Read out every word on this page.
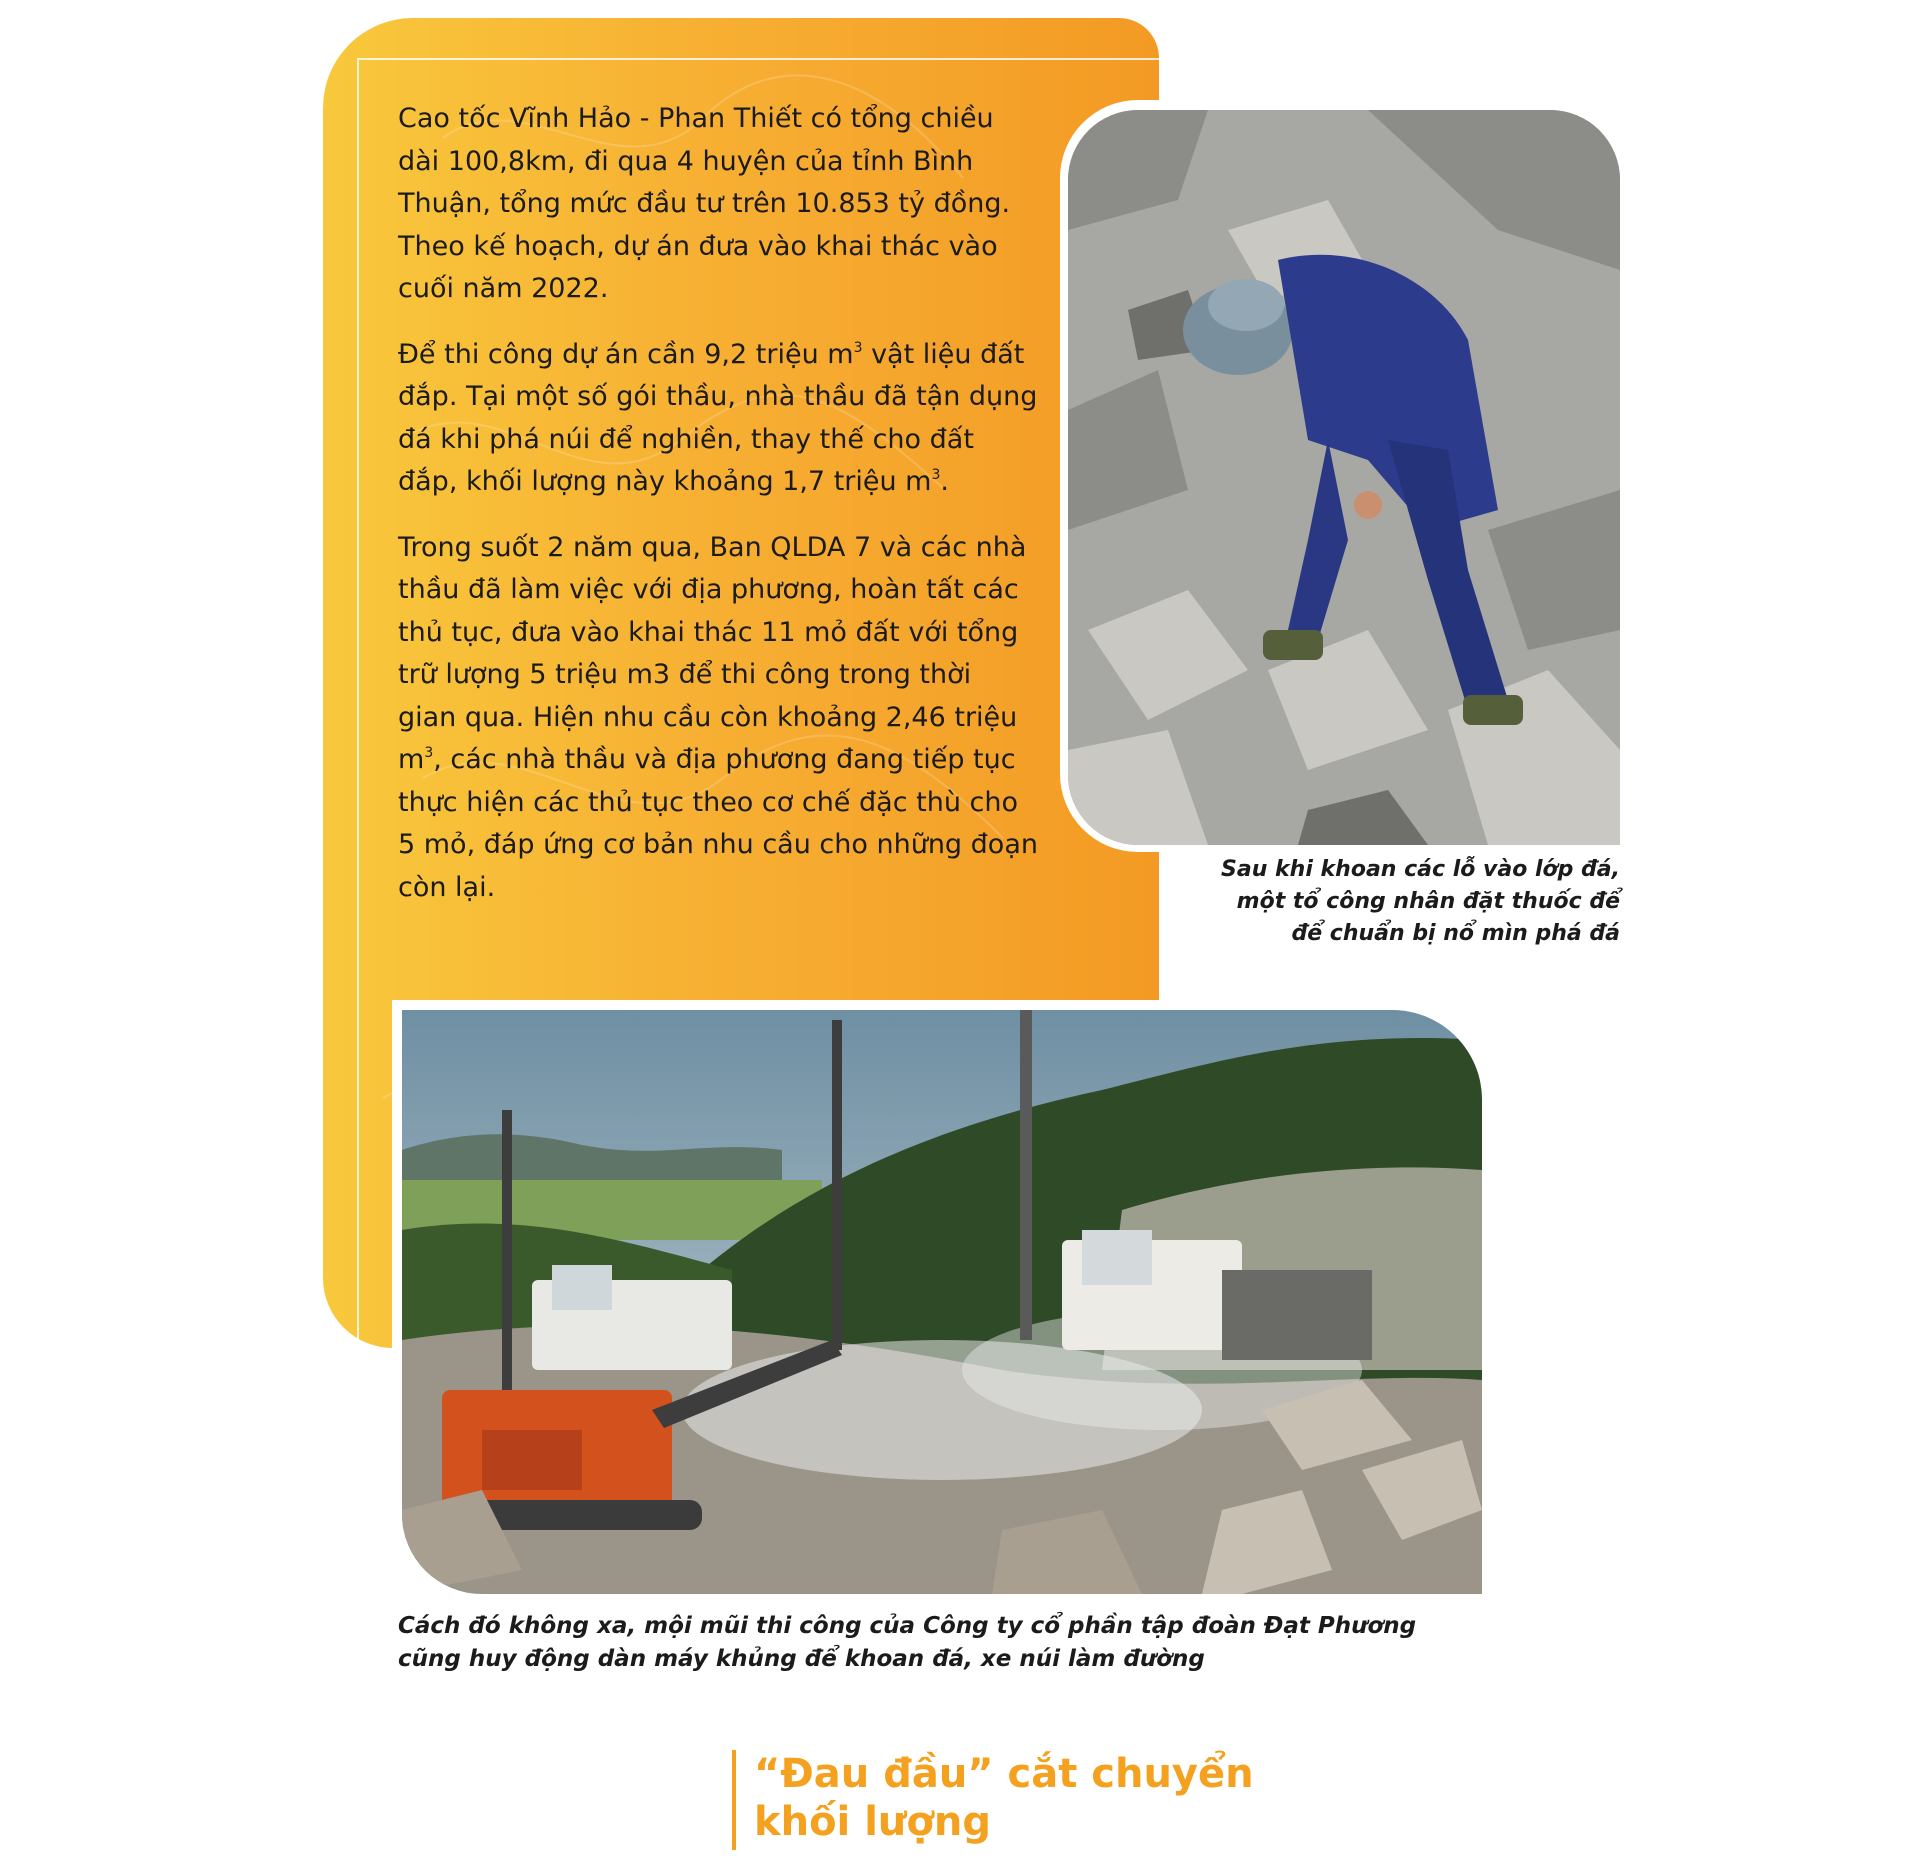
Cao tốc Vĩnh Hảo - Phan Thiết có tổng chiều dài 100,8km, đi qua 4 huyện của tỉnh Bình Thuận, tổng mức đầu tư trên 10.853 tỷ đồng. Theo kế hoạch, dự án đưa vào khai thác vào cuối năm 2022.

Để thi công dự án cần 9,2 triệu $m^3$ vật liệu đất đắp. Tại một số gói thầu, nhà thầu đã tận dụng đá khi phá núi để nghiền, thay thế cho đất đắp, khối lượng này khoảng 1,7 triệu $m^3$.

Trong suốt 2 năm qua, Ban QLDA 7 và các nhà thầu đã làm việc với địa phương, hoàn tất các thủ tục, đưa vào khai thác 11 mỏ đất với tổng trữ lượng 5 triệu m3 để thi công trong thời gian qua. Hiện nhu cầu còn khoảng 2,46 triệu $m^3$, các nhà thầu và địa phương đang tiếp tục thực hiện các thủ tục theo cơ chế đặc thù cho 5 mỏ, đáp ứng cơ bản nhu cầu cho những đoạn còn lại.

Sau khi khoan các lỗ vào lớp đá,
một tổ công nhân đặt thuốc để
để chuẩn bị nổ mìn phá đá
Cách đó không xa, mội mũi thi công của Công ty cổ phần tập đoàn Đạt Phương
cũng huy động dàn máy khủng để khoan đá, xe núi làm đường
“Đau đầu” cắt chuyển
khối lượng
